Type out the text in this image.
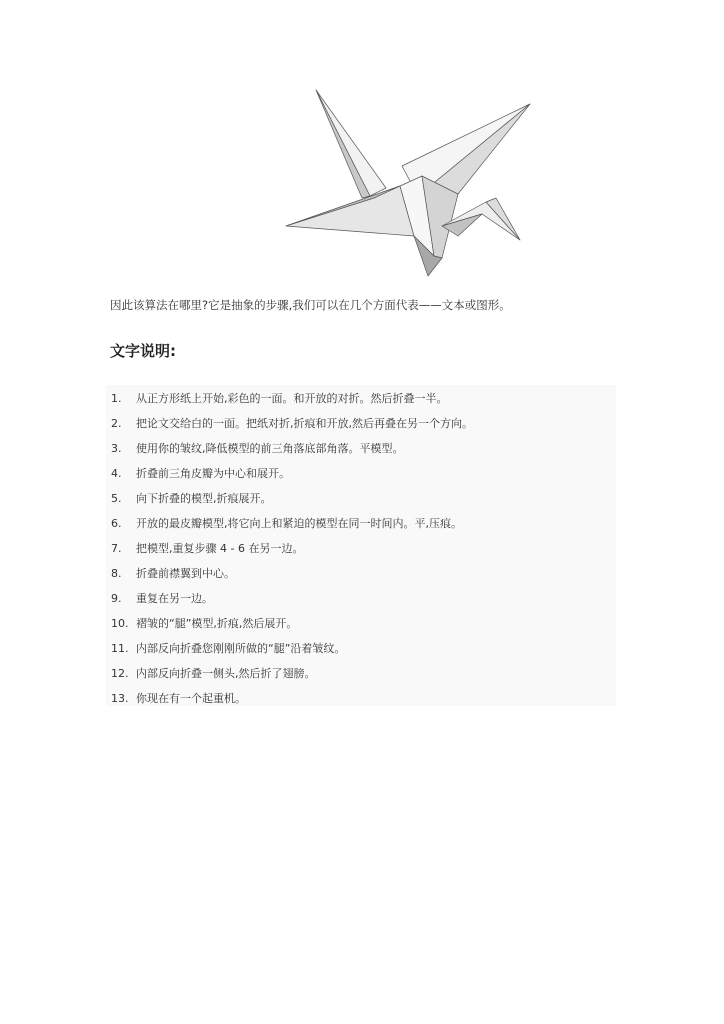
因此该算法在哪里?它是抽象的步骤,我们可以在几个方面代表——文本或图形。
文字说明:
1. 从正方形纸上开始,彩色的一面。和开放的对折。然后折叠一半。
2. 把论文交给白的一面。把纸对折,折痕和开放,然后再叠在另一个方向。
3. 使用你的皱纹,降低模型的前三角落底部角落。平模型。
4. 折叠前三角皮瓣为中心和展开。
5. 向下折叠的模型,折痕展开。
6. 开放的最皮瓣模型,将它向上和紧迫的模型在同一时间内。平,压痕。
7. 把模型,重复步骤 4 - 6 在另一边。
8. 折叠前襟翼到中心。
9. 重复在另一边。
10. 褶皱的“腿”模型,折痕,然后展开。
11. 内部反向折叠您刚刚所做的“腿”沿着皱纹。
12. 内部反向折叠一侧头,然后折了翅膀。
13. 你现在有一个起重机。
